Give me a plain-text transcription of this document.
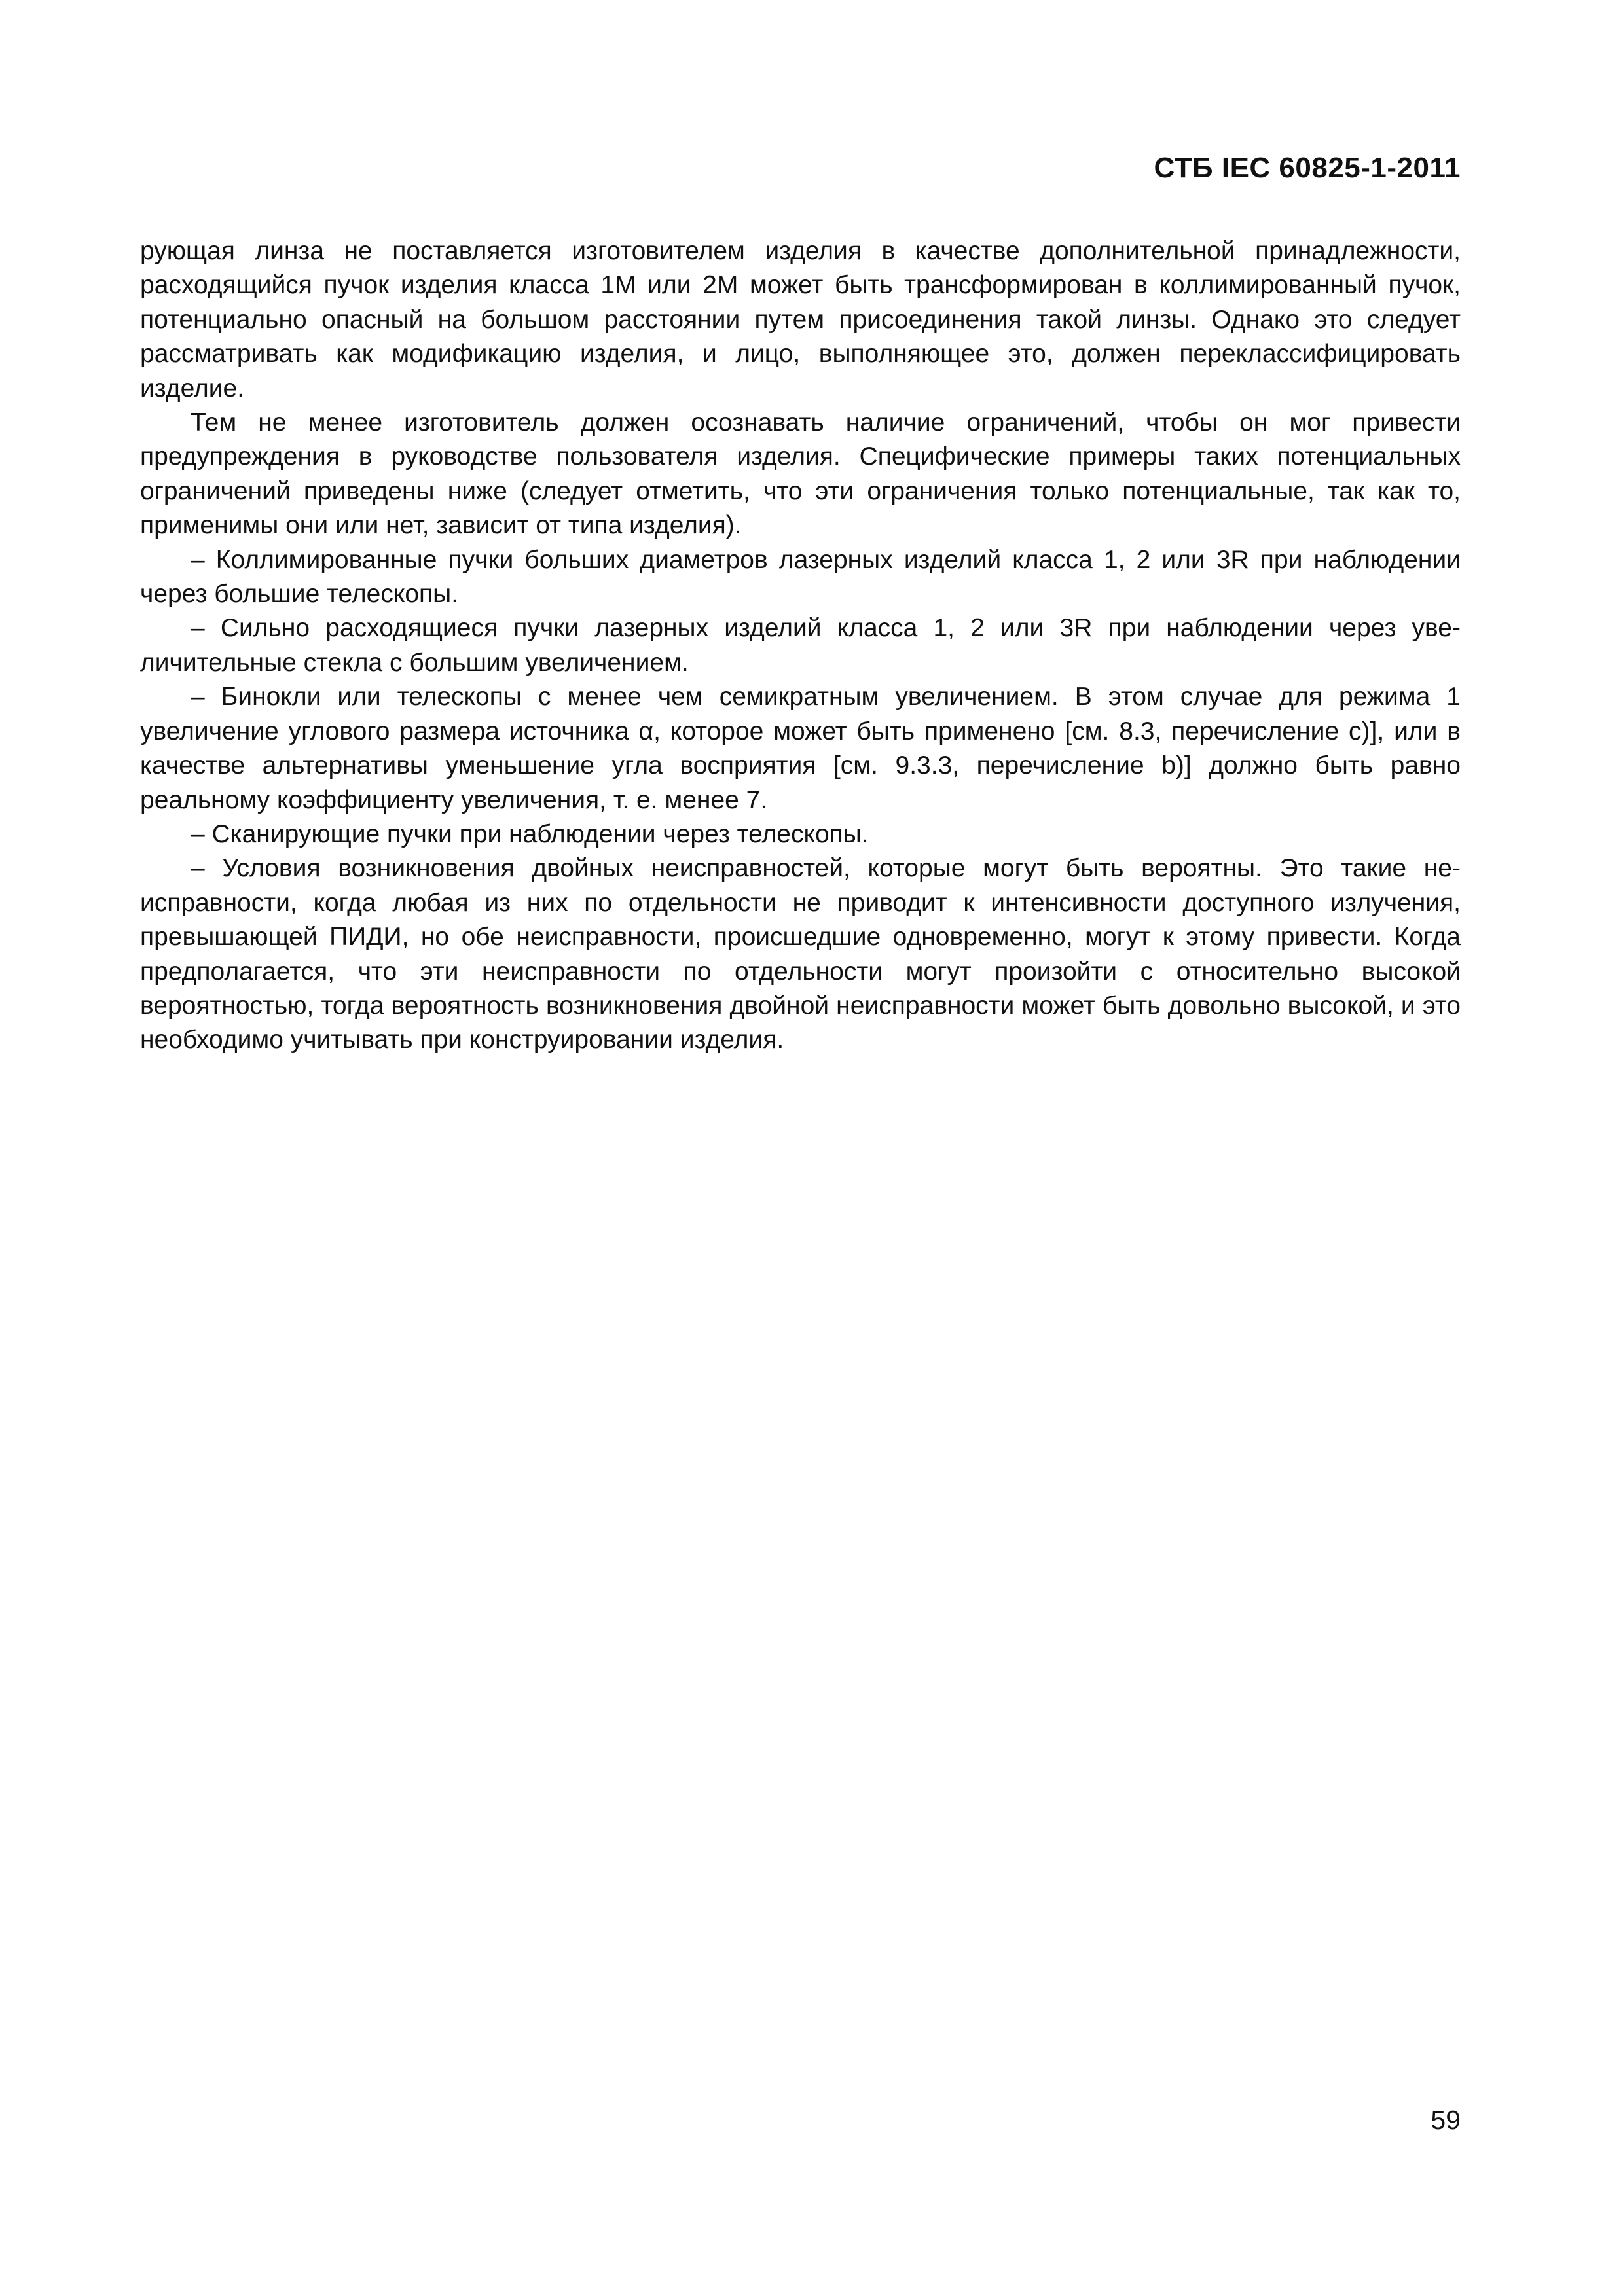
СТБ IEC 60825-1-2011

рующая линза не поставляется изготовителем изделия в качестве дополнительной принадлежности, расходящийся пучок изделия класса 1М или 2М может быть трансформирован в коллимированный пучок, потенциально опасный на большом расстоянии путем присоединения такой линзы. Однако это следует рассматривать как модификацию изделия, и лицо, выполняющее это, должен переклассифицировать изделие.

Тем не менее изготовитель должен осознавать наличие ограничений, чтобы он мог привести предупреждения в руководстве пользователя изделия. Специфические примеры таких потенциальных ограничений приведены ниже (следует отметить, что эти ограничения только потенциальные, так как то, применимы они или нет, зависит от типа изделия).

– Коллимированные пучки больших диаметров лазерных изделий класса 1, 2 или 3R при наблюдении через большие телескопы.

– Сильно расходящиеся пучки лазерных изделий класса 1, 2 или 3R при наблюдении через увеличительные стекла с большим увеличением.

– Бинокли или телескопы с менее чем семикратным увеличением. В этом случае для режима 1 увеличение углового размера источника α, которое может быть применено [см. 8.3, перечисление c)], или в качестве альтернативы уменьшение угла восприятия [см. 9.3.3, перечисление b)] должно быть равно реальному коэффициенту увеличения, т. е. менее 7.

– Сканирующие пучки при наблюдении через телескопы.

– Условия возникновения двойных неисправностей, которые могут быть вероятны. Это такие неисправности, когда любая из них по отдельности не приводит к интенсивности доступного излучения, превышающей ПИДИ, но обе неисправности, происшедшие одновременно, могут к этому привести. Когда предполагается, что эти неисправности по отдельности могут произойти с относительно высокой вероятностью, тогда вероятность возникновения двойной неисправности может быть довольно высокой, и это необходимо учитывать при конструировании изделия.

59
